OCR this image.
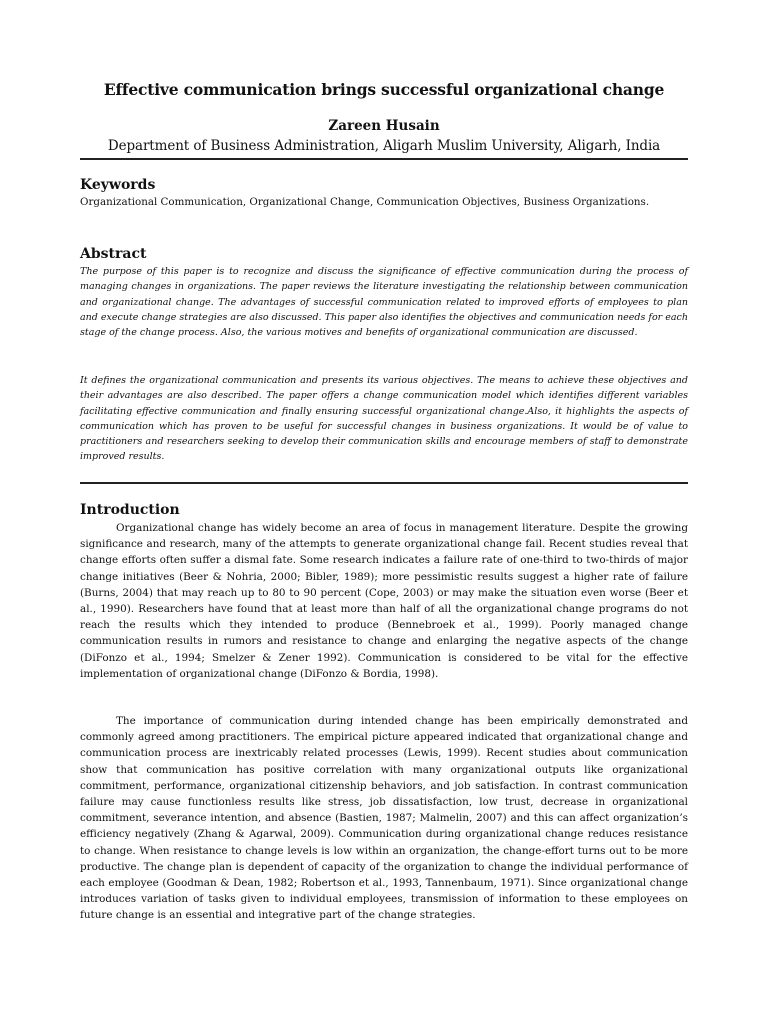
Effective communication brings successful organizational change

Zareen Husain

Department of Business Administration, Aligarh Muslim University, Aligarh, India

Keywords

Organizational Communication, Organizational Change, Communication Objectives, Business Organizations.

Abstract

The purpose of this paper is to recognize and discuss the significance of effective communication during the process of managing changes in organizations. The paper reviews the literature investigating the relationship between communication and organizational change. The advantages of successful communication related to improved efforts of employees to plan and execute change strategies are also discussed. This paper also identifies the objectives and communication needs for each stage of the change process. Also, the various motives and benefits of organizational communication are discussed.

It defines the organizational communication and presents its various objectives. The means to achieve these objectives and their advantages are also described. The paper offers a change communication model which identifies different variables facilitating effective communication and finally ensuring successful organizational change.Also, it highlights the aspects of communication which has proven to be useful for successful changes in business organizations. It would be of value to practitioners and researchers seeking to develop their communication skills and encourage members of staff to demonstrate improved results.

Introduction

Organizational change has widely become an area of focus in management literature. Despite the growing significance and research, many of the attempts to generate organizational change fail. Recent studies reveal that change efforts often suffer a dismal fate. Some research indicates a failure rate of one-third to two-thirds of major change initiatives (Beer & Nohria, 2000; Bibler, 1989); more pessimistic results suggest a higher rate of failure (Burns, 2004) that may reach up to 80 to 90 percent (Cope, 2003) or may make the situation even worse (Beer et al., 1990). Researchers have found that at least more than half of all the organizational change programs do not reach the results which they intended to produce (Bennebroek et al., 1999). Poorly managed change communication results in rumors and resistance to change and enlarging the negative aspects of the change (DiFonzo et al., 1994; Smelzer & Zener 1992). Communication is considered to be vital for the effective implementation of organizational change (DiFonzo & Bordia, 1998).

The importance of communication during intended change has been empirically demonstrated and commonly agreed among practitioners. The empirical picture appeared indicated that organizational change and communication process are inextricably related processes (Lewis, 1999). Recent studies about communication show that communication has positive correlation with many organizational outputs like organizational commitment, performance, organizational citizenship behaviors, and job satisfaction. In contrast communication failure may cause functionless results like stress, job dissatisfaction, low trust, decrease in organizational commitment, severance intention, and absence (Bastien, 1987; Malmelin, 2007) and this can affect organization’s efficiency negatively (Zhang & Agarwal, 2009). Communication during organizational change reduces resistance to change. When resistance to change levels is low within an organization, the change-effort turns out to be more productive. The change plan is dependent of capacity of the organization to change the individual performance of each employee (Goodman & Dean, 1982; Robertson et al., 1993, Tannenbaum, 1971). Since organizational change introduces variation of tasks given to individual employees, transmission of information to these employees on future change is an essential and integrative part of the change strategies.
